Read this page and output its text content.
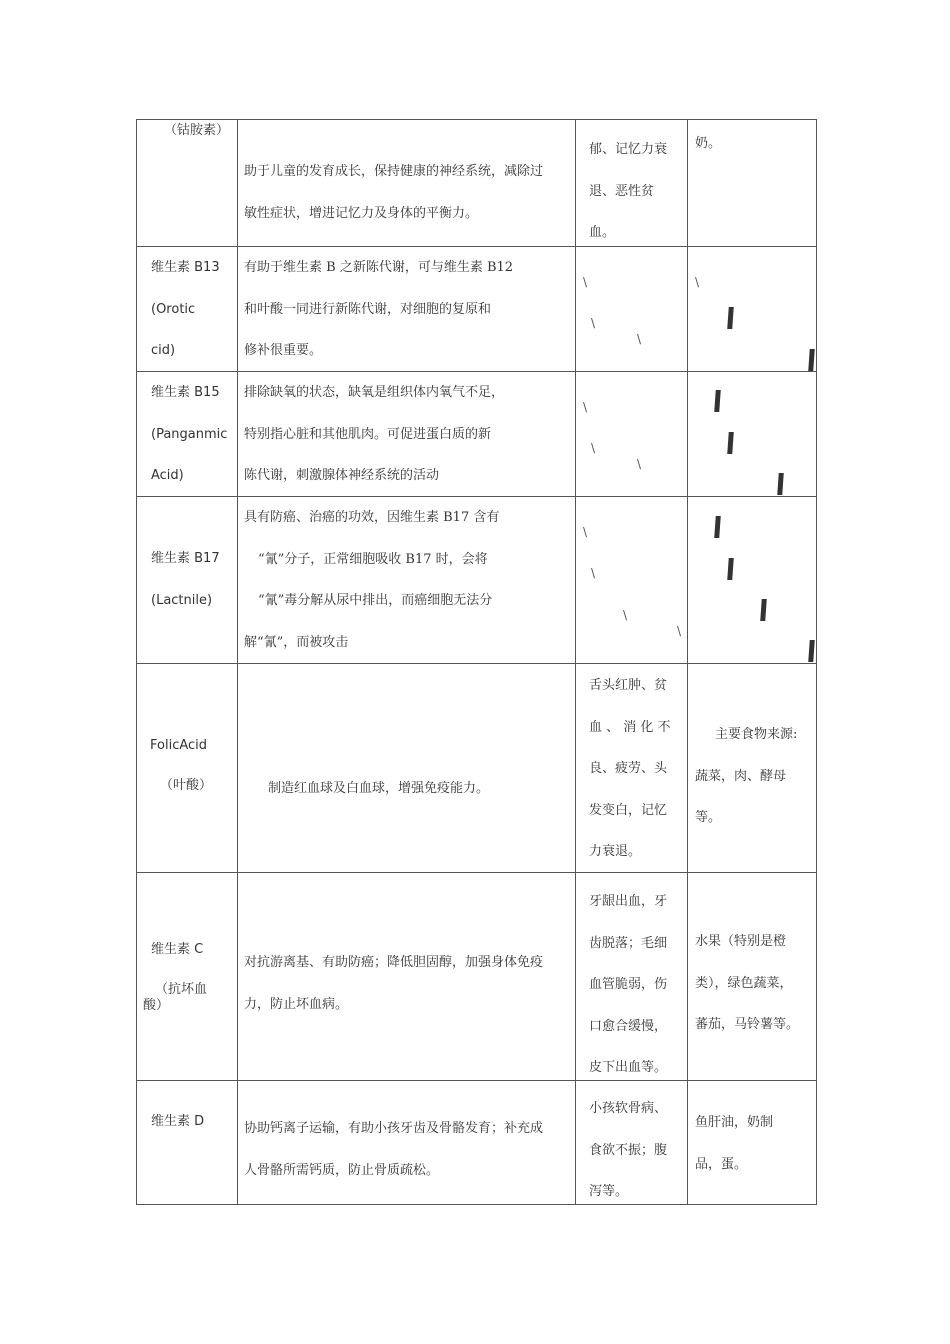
（钴胺素）
助于儿童的发育成长，保持健康的神经系统，减除过
敏性症状，增进记忆力及身体的平衡力。
郁、记忆力衰
退、恶性贫
血。
奶。
维生素 B13
(Orotic
cid)
有助于维生素 B 之新陈代谢，可与维生素 B12
和叶酸一同进行新陈代谢，对细胞的复原和
修补很重要。
\
\
\
\
维生素 B15
(Panganmic
Acid)
排除缺氧的状态，缺氧是组织体内氧气不足，
特别指心脏和其他肌肉。可促进蛋白质的新
陈代谢，刺激腺体神经系统的活动
\
\
\
维生素 B17
(Lactnile)
具有防癌、治癌的功效，因维生素 B17 含有
“氰”分子，正常细胞吸收 B17 时，会将
“氰”毒分解从尿中排出，而癌细胞无法分
解“氰”，而被攻击
\
\
\
\
FolicAcid
（叶酸）	制造红血球及白血球，增强免疫能力。
舌头红肿、贫
血 、 消 化 不
良、疲劳、头
发变白，记忆
力衰退。
主要食物来源:
蔬菜，肉、酵母
等。
维生素 C
（抗坏血
酸）
对抗游离基、有助防癌；降低胆固醇，加强身体免疫
力，防止坏血病。
牙龈出血，牙
齿脱落；毛细
血管脆弱，伤
口愈合缓慢，
皮下出血等。
水果（特别是橙
类），绿色蔬菜，
蕃茄，马铃薯等。
维生素 D	协助钙离子运输，有助小孩牙齿及骨骼发育；补充成
人骨骼所需钙质，防止骨质疏松。
小孩软骨病、
食欲不振；腹
泻等。
鱼肝油，奶制
品，蛋。
